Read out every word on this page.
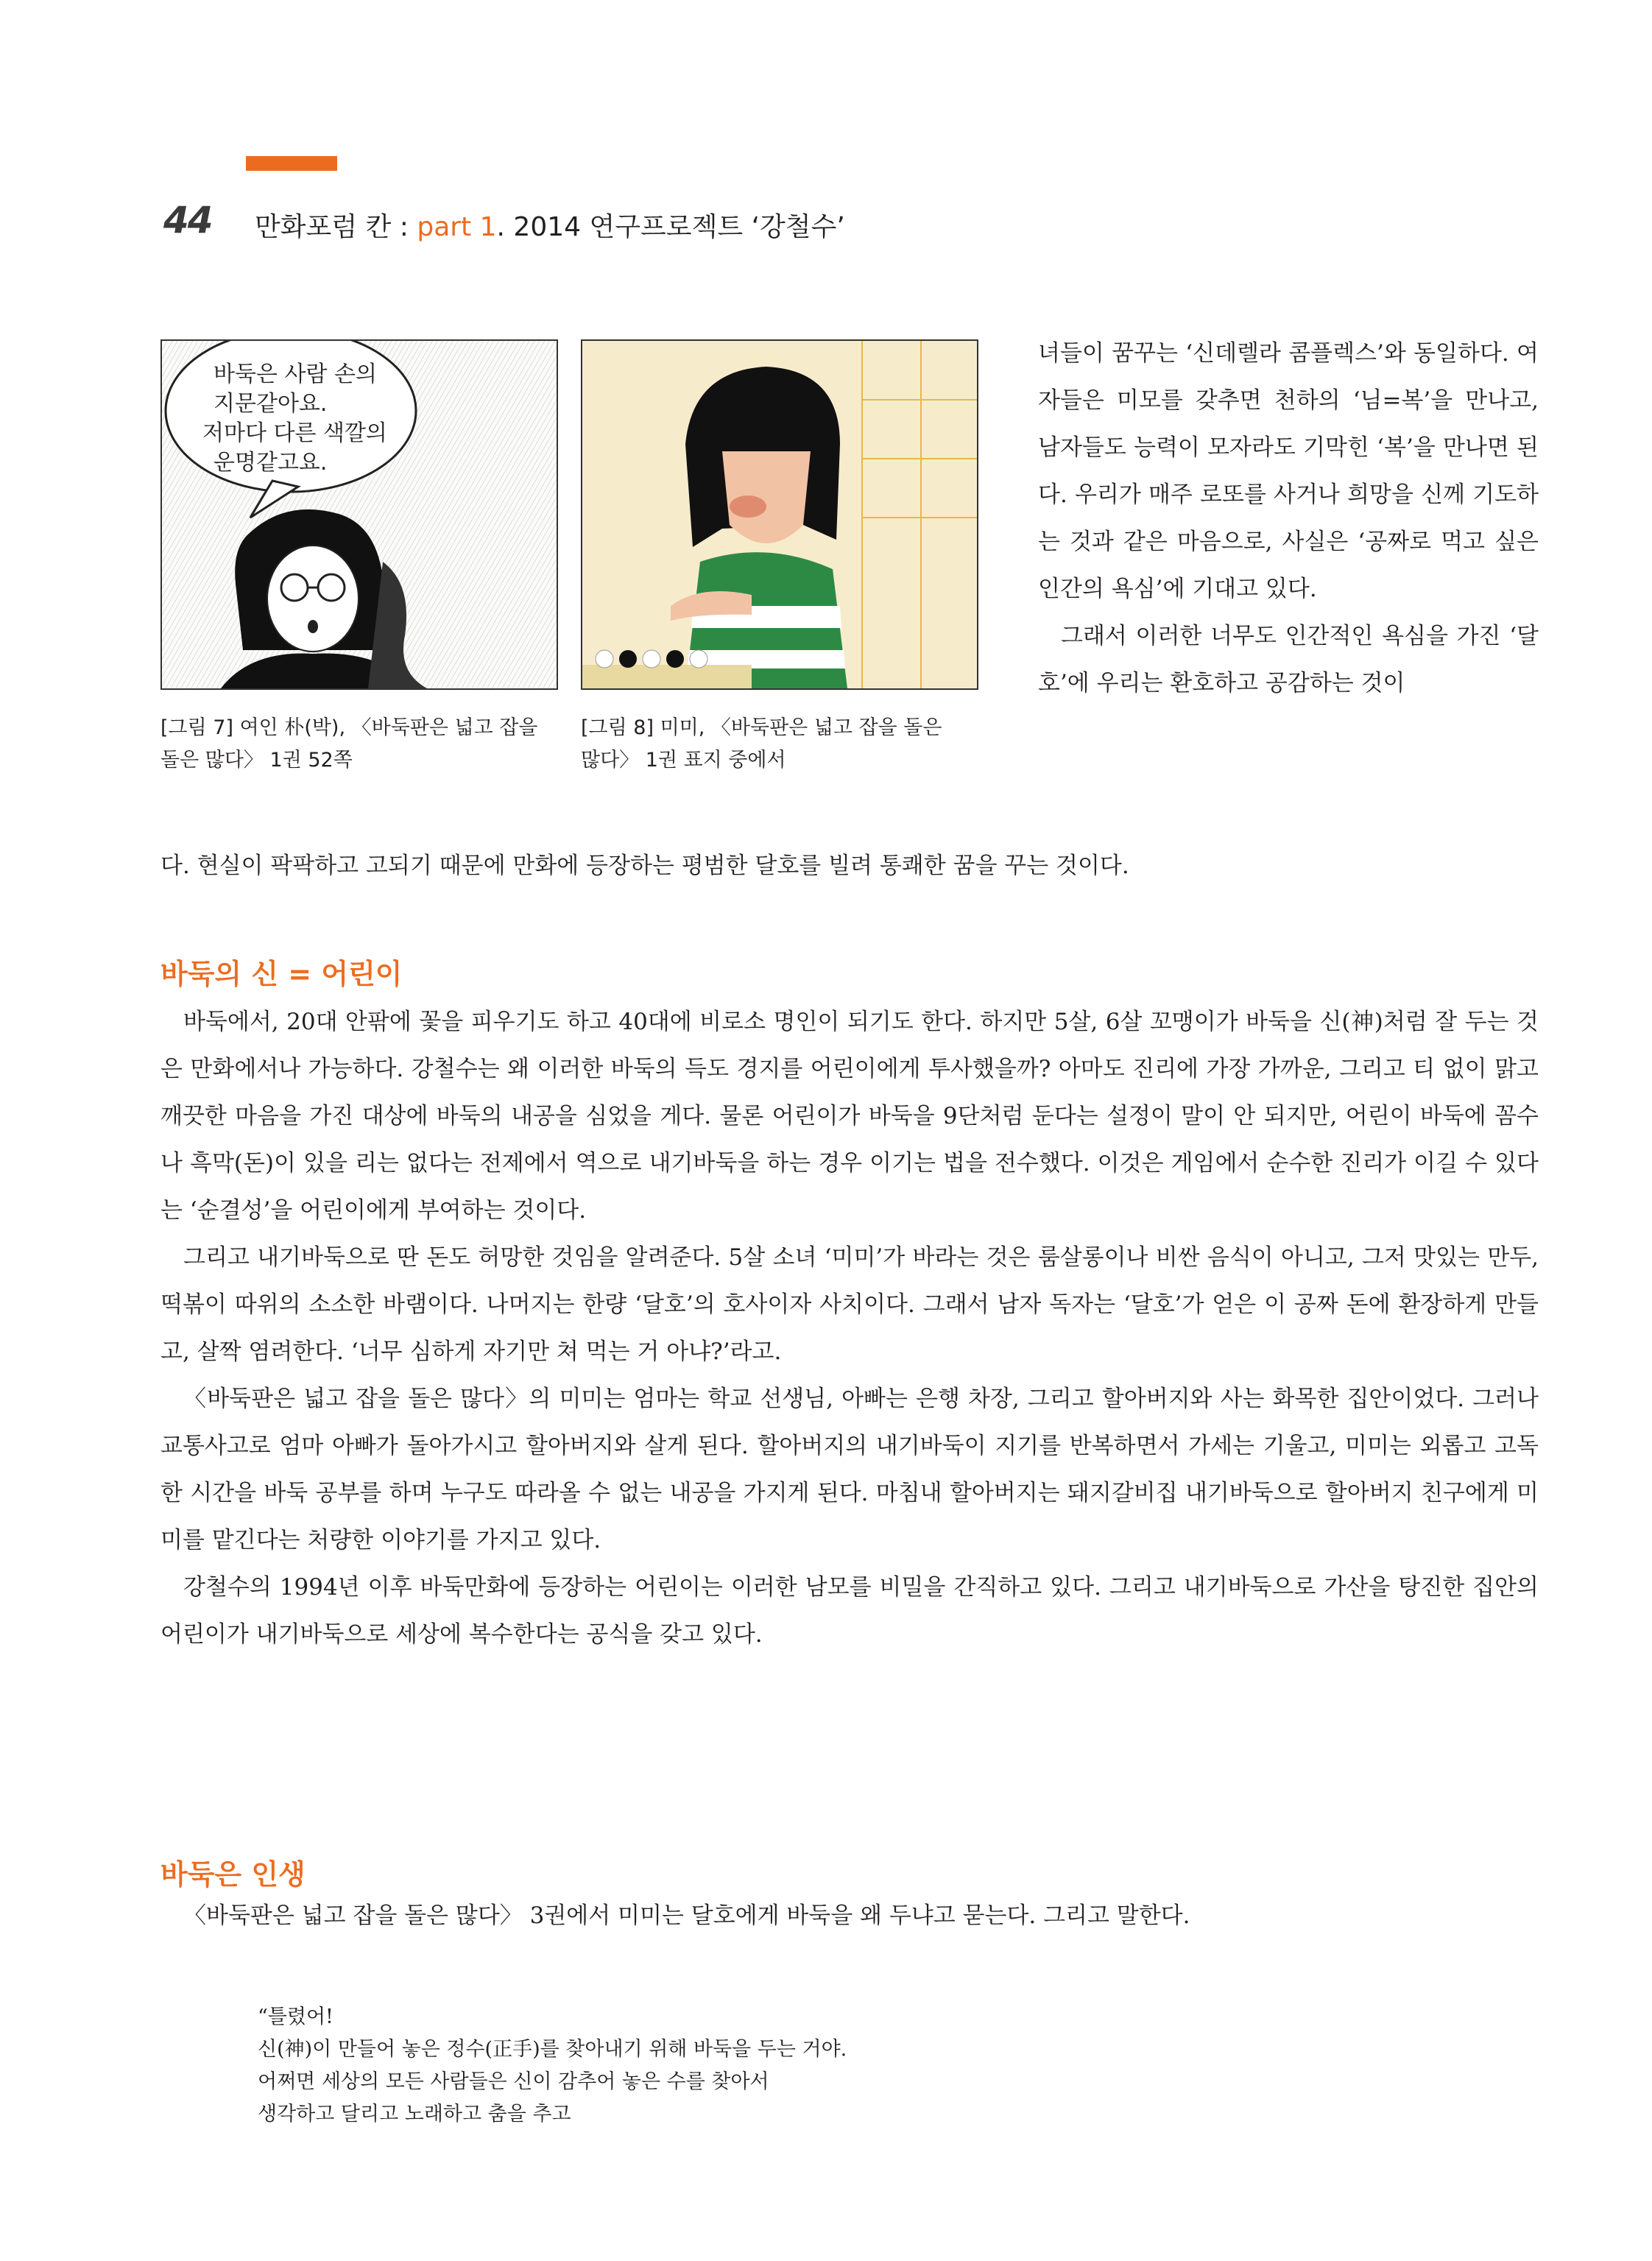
44 만화포럼 칸 : part 1. 2014 연구프로젝트 ‘강철수’
바둑은 사람 손의
지문같아요.
저마다 다른 색깔의
운명같고요.
[그림 7] 여인 朴(박), 〈바둑판은 넓고 잡을
돌은 많다〉 1권 52쪽
[그림 8] 미미, 〈바둑판은 넓고 잡을 돌은
많다〉 1권 표지 중에서

녀들이 꿈꾸는 ‘신데렐라 콤플렉스’와 동일하다. 여자들은 미모를 갖추면 천하의 ‘님=복’을 만나고, 남자들도 능력이 모자라도 기막힌 ‘복’을 만나면 된다. 우리가 매주 로또를 사거나 희망을 신께 기도하는 것과 같은 마음으로, 사실은 ‘공짜로 먹고 싶은 인간의 욕심’에 기대고 있다.

그래서 이러한 너무도 인간적인 욕심을 가진 ‘달호’에 우리는 환호하고 공감하는 것이

다. 현실이 팍팍하고 고되기 때문에 만화에 등장하는 평범한 달호를 빌려 통쾌한 꿈을 꾸는 것이다.
바둑의 신 = 어린이

바둑에서, 20대 안팎에 꽃을 피우기도 하고 40대에 비로소 명인이 되기도 한다. 하지만 5살, 6살 꼬맹이가 바둑을 신(神)처럼 잘 두는 것은 만화에서나 가능하다. 강철수는 왜 이러한 바둑의 득도 경지를 어린이에게 투사했을까? 아마도 진리에 가장 가까운, 그리고 티 없이 맑고 깨끗한 마음을 가진 대상에 바둑의 내공을 심었을 게다. 물론 어린이가 바둑을 9단처럼 둔다는 설정이 말이 안 되지만, 어린이 바둑에 꼼수나 흑막(돈)이 있을 리는 없다는 전제에서 역으로 내기바둑을 하는 경우 이기는 법을 전수했다. 이것은 게임에서 순수한 진리가 이길 수 있다는 ‘순결성’을 어린이에게 부여하는 것이다.

그리고 내기바둑으로 딴 돈도 허망한 것임을 알려준다. 5살 소녀 ‘미미’가 바라는 것은 룸살롱이나 비싼 음식이 아니고, 그저 맛있는 만두, 떡볶이 따위의 소소한 바램이다. 나머지는 한량 ‘달호’의 호사이자 사치이다. 그래서 남자 독자는 ‘달호’가 얻은 이 공짜 돈에 환장하게 만들고, 살짝 염려한다. ‘너무 심하게 자기만 쳐 먹는 거 아냐?’라고.

〈바둑판은 넓고 잡을 돌은 많다〉의 미미는 엄마는 학교 선생님, 아빠는 은행 차장, 그리고 할아버지와 사는 화목한 집안이었다. 그러나 교통사고로 엄마 아빠가 돌아가시고 할아버지와 살게 된다. 할아버지의 내기바둑이 지기를 반복하면서 가세는 기울고, 미미는 외롭고 고독한 시간을 바둑 공부를 하며 누구도 따라올 수 없는 내공을 가지게 된다. 마침내 할아버지는 돼지갈비집 내기바둑으로 할아버지 친구에게 미미를 맡긴다는 처량한 이야기를 가지고 있다.

강철수의 1994년 이후 바둑만화에 등장하는 어린이는 이러한 남모를 비밀을 간직하고 있다. 그리고 내기바둑으로 가산을 탕진한 집안의 어린이가 내기바둑으로 세상에 복수한다는 공식을 갖고 있다.

바둑은 인생

〈바둑판은 넓고 잡을 돌은 많다〉 3권에서 미미는 달호에게 바둑을 왜 두냐고 묻는다. 그리고 말한다.

“틀렸어!

신(神)이 만들어 놓은 정수(正手)를 찾아내기 위해 바둑을 두는 거야.

어쩌면 세상의 모든 사람들은 신이 감추어 놓은 수를 찾아서

생각하고 달리고 노래하고 춤을 추고
